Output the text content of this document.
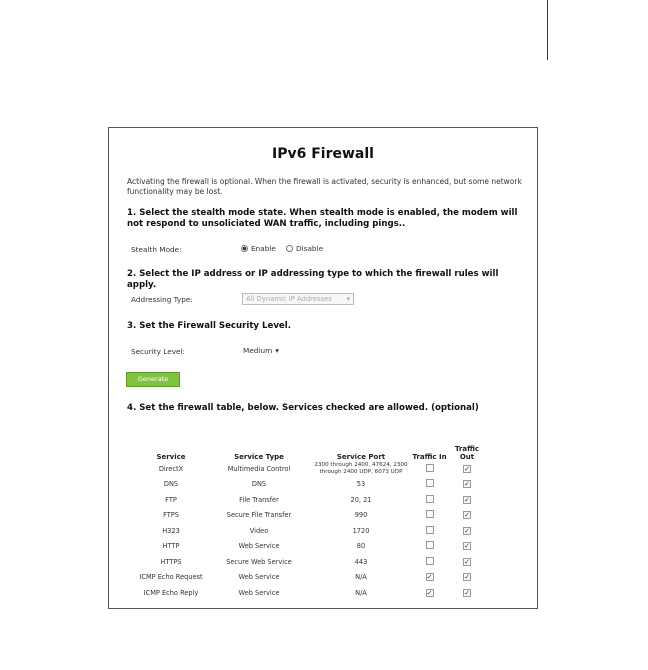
IPv6 Firewall
Activating the firewall is optional. When the firewall is activated, security is enhanced, but some network functionality may be lost.
1. Select the stealth mode state. When stealth mode is enabled, the modem will not respond to unsoliciated WAN traffic, including pings..
Stealth Mode:	Enable	Disable
2. Select the IP address or IP addressing type to which the firewall rules will apply.
Addressing Type:	All Dynamic IP Addresses ▾
3. Set the Firewall Security Level.
Security Level:	Medium ▾
Generate
4. Set the firewall table, below. Services checked are allowed. (optional)
Service	Service Type	Service Port	Traffic In	Traffic Out
DirectX	Multimedia Control	2300 through 2400, 47624, 2300
through 2400 UDP, 6073 UDP		✓
DNS	DNS	53		✓
FTP	File Transfer	20, 21		✓
FTPS	Secure File Transfer	990		✓
H323	Video	1720		✓
HTTP	Web Service	80		✓
HTTPS	Secure Web Service	443		✓
ICMP Echo Request	Web Service	N/A	✓	✓
ICMP Echo Reply	Web Service	N/A	✓	✓
